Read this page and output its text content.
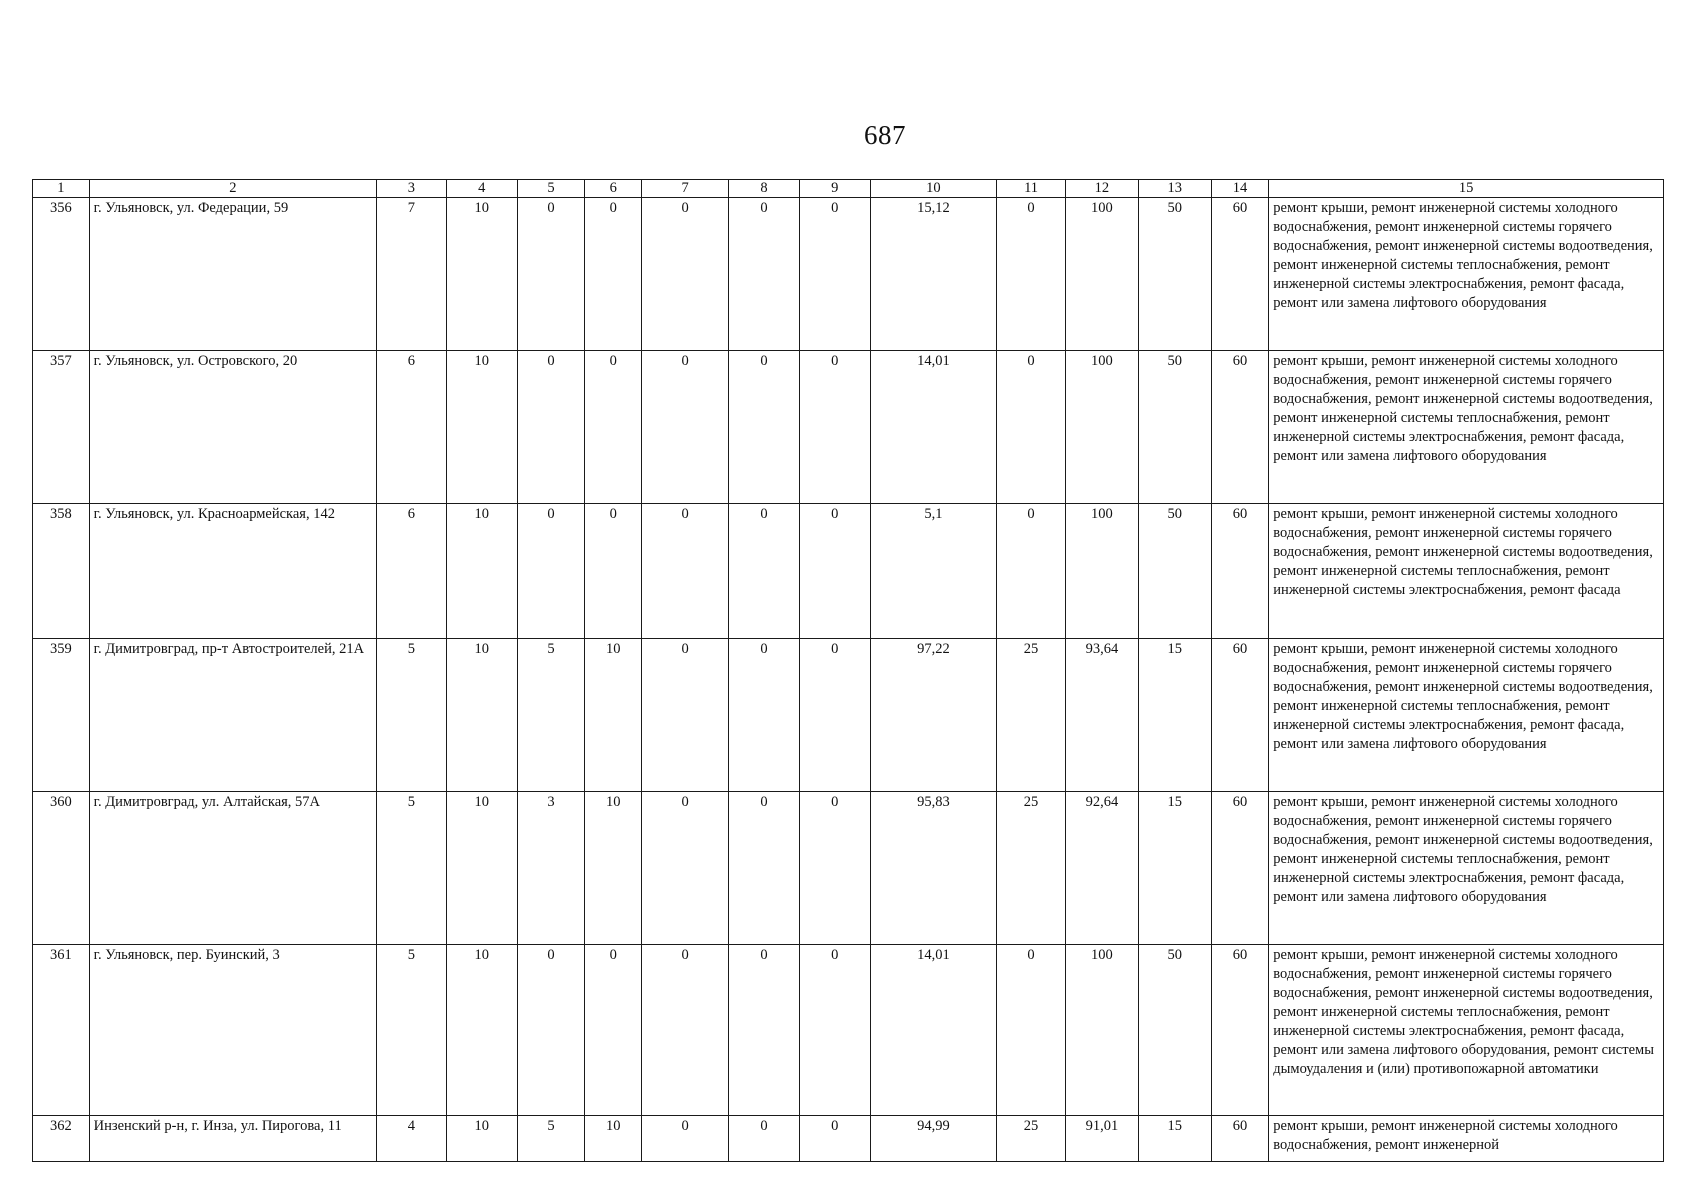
687
1	2	3	4	5	6	7	8	9	10	11	12	13	14	15
356	г. Ульяновск, ул. Федерации, 59	7	10	0	0	0	0	0	15,12	0	100	50	60	ремонт крыши, ремонт инженерной системы холодного водоснабжения, ремонт инженерной системы горячего водоснабжения, ремонт инженерной системы водоотведения, ремонт инженерной системы теплоснабжения, ремонт инженерной системы электроснабжения, ремонт фасада, ремонт или замена лифтового оборудования
357	г. Ульяновск, ул. Островского, 20	6	10	0	0	0	0	0	14,01	0	100	50	60	ремонт крыши, ремонт инженерной системы холодного водоснабжения, ремонт инженерной системы горячего водоснабжения, ремонт инженерной системы водоотведения, ремонт инженерной системы теплоснабжения, ремонт инженерной системы электроснабжения, ремонт фасада, ремонт или замена лифтового оборудования
358	г. Ульяновск, ул. Красноармейская, 142	6	10	0	0	0	0	0	5,1	0	100	50	60	ремонт крыши, ремонт инженерной системы холодного водоснабжения, ремонт инженерной системы горячего водоснабжения, ремонт инженерной системы водоотведения, ремонт инженерной системы теплоснабжения, ремонт инженерной системы электроснабжения, ремонт фасада
359	г. Димитровград, пр-т Автостроителей, 21А	5	10	5	10	0	0	0	97,22	25	93,64	15	60	ремонт крыши, ремонт инженерной системы холодного водоснабжения, ремонт инженерной системы горячего водоснабжения, ремонт инженерной системы водоотведения, ремонт инженерной системы теплоснабжения, ремонт инженерной системы электроснабжения, ремонт фасада, ремонт или замена лифтового оборудования
360	г. Димитровград, ул. Алтайская, 57А	5	10	3	10	0	0	0	95,83	25	92,64	15	60	ремонт крыши, ремонт инженерной системы холодного водоснабжения, ремонт инженерной системы горячего водоснабжения, ремонт инженерной системы водоотведения, ремонт инженерной системы теплоснабжения, ремонт инженерной системы электроснабжения, ремонт фасада, ремонт или замена лифтового оборудования
361	г. Ульяновск, пер. Буинский, 3	5	10	0	0	0	0	0	14,01	0	100	50	60	ремонт крыши, ремонт инженерной системы холодного водоснабжения, ремонт инженерной системы горячего водоснабжения, ремонт инженерной системы водоотведения, ремонт инженерной системы теплоснабжения, ремонт инженерной системы электроснабжения, ремонт фасада, ремонт или замена лифтового оборудования, ремонт системы дымоудаления и (или) противопожарной автоматики
362	Инзенский р-н, г. Инза, ул. Пирогова, 11	4	10	5	10	0	0	0	94,99	25	91,01	15	60	ремонт крыши, ремонт инженерной системы холодного водоснабжения, ремонт инженерной
